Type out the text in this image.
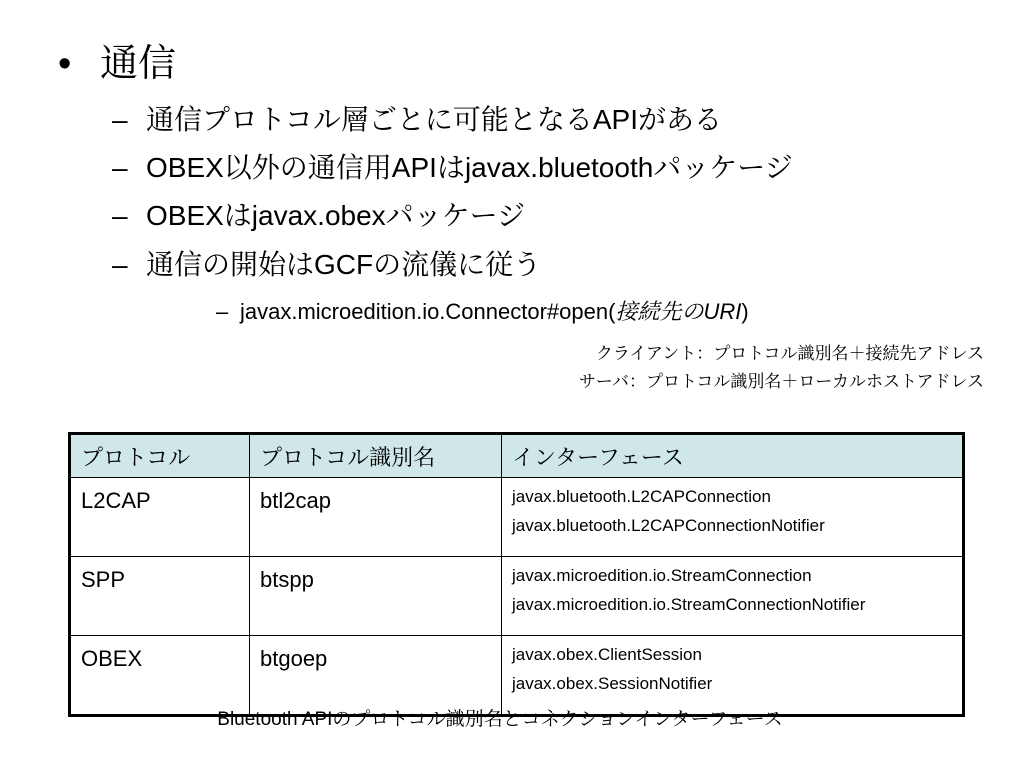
• 通信
– 通信プロトコル層ごとに可能となるAPIがある
– OBEX以外の通信用APIはjavax.bluetoothパッケージ
– OBEXはjavax.obexパッケージ
– 通信の開始はGCFの流儀に従う
– javax.microedition.io.Connector#open(接続先のURI)
クライアント：プロトコル識別名＋接続先アドレス
サーバ：プロトコル識別名＋ローカルホストアドレス
プロトコル	プロトコル識別名	インターフェース
L2CAP	btl2cap	javax.bluetooth.L2CAPConnection
javax.bluetooth.L2CAPConnectionNotifier

SPP	btspp	javax.microedition.io.StreamConnection
javax.microedition.io.StreamConnectionNotifier

OBEX	btgoep	javax.obex.ClientSession
javax.obex.SessionNotifier
Bluetooth APIのプロトコル識別名とコネクションインターフェース
